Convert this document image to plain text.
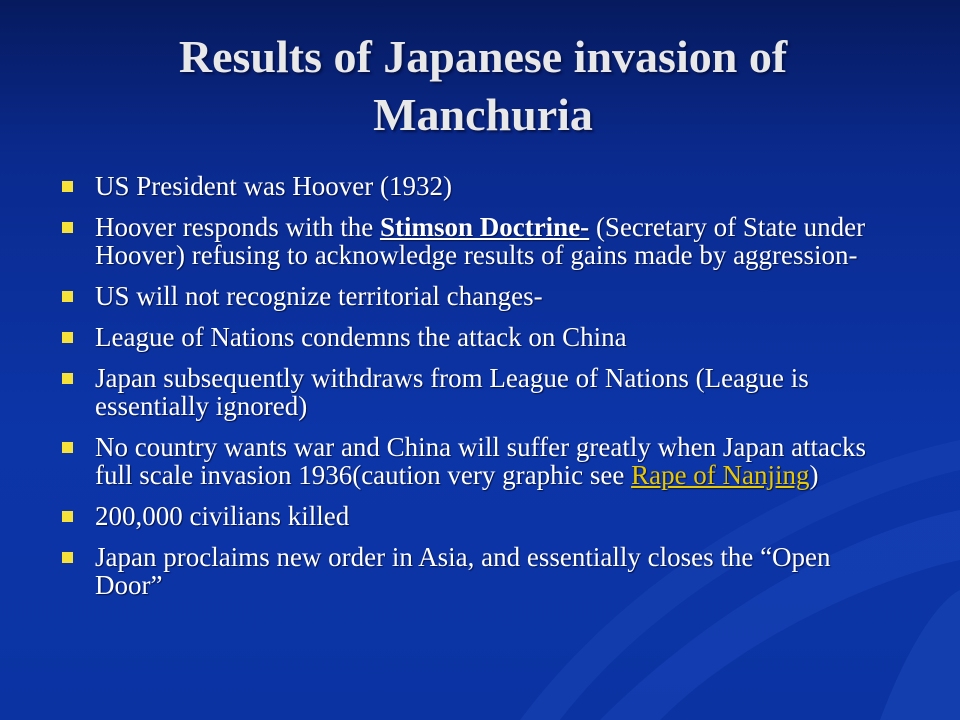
Results of Japanese invasion of
Manchuria
US President was Hoover (1932)
Hoover responds with the Stimson Doctrine- (Secretary of State under Hoover) refusing to acknowledge results of gains made by aggression-
US will not recognize territorial changes-
League of Nations condemns the attack on China
Japan subsequently withdraws from League of Nations (League is essentially ignored)
No country wants war and China will suffer greatly when Japan attacks full scale invasion 1936(caution very graphic see Rape of Nanjing)
200,000 civilians killed
Japan proclaims new order in Asia, and essentially closes the “Open Door”
